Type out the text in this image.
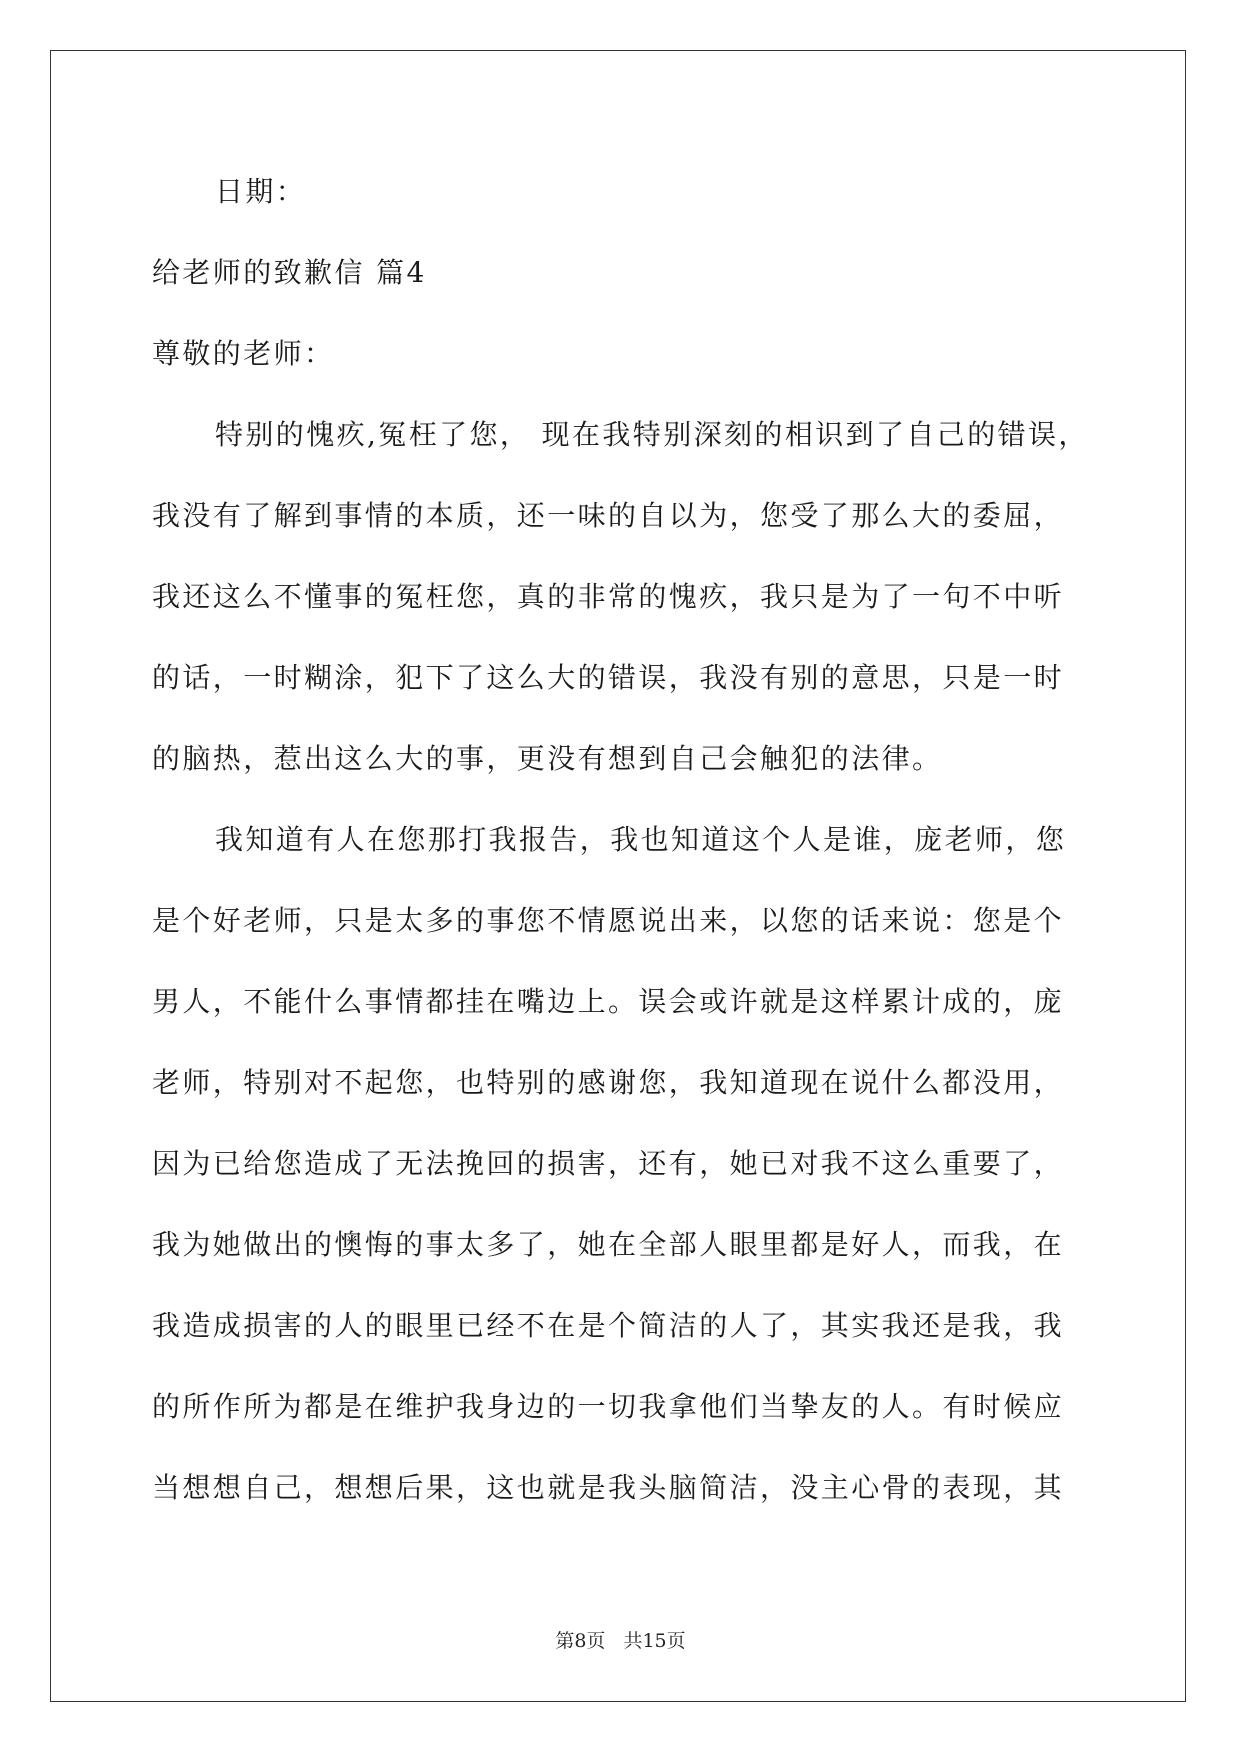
日期：
给老师的致歉信 篇4
尊敬的老师：
特别的愧疚,冤枉了您， 现在我特别深刻的相识到了自己的错误，
我没有了解到事情的本质，还一味的自以为，您受了那么大的委屈，
我还这么不懂事的冤枉您，真的非常的愧疚，我只是为了一句不中听
的话，一时糊涂，犯下了这么大的错误，我没有别的意思，只是一时
的脑热，惹出这么大的事，更没有想到自己会触犯的法律。
我知道有人在您那打我报告，我也知道这个人是谁，庞老师，您
是个好老师，只是太多的事您不情愿说出来，以您的话来说：您是个
男人，不能什么事情都挂在嘴边上。误会或许就是这样累计成的，庞
老师，特别对不起您，也特别的感谢您，我知道现在说什么都没用，
因为已给您造成了无法挽回的损害，还有，她已对我不这么重要了，
我为她做出的懊悔的事太多了，她在全部人眼里都是好人，而我，在
我造成损害的人的眼里已经不在是个简洁的人了，其实我还是我，我
的所作所为都是在维护我身边的一切我拿他们当挚友的人。有时候应
当想想自己，想想后果，这也就是我头脑简洁，没主心骨的表现，其
第8页 共15页
